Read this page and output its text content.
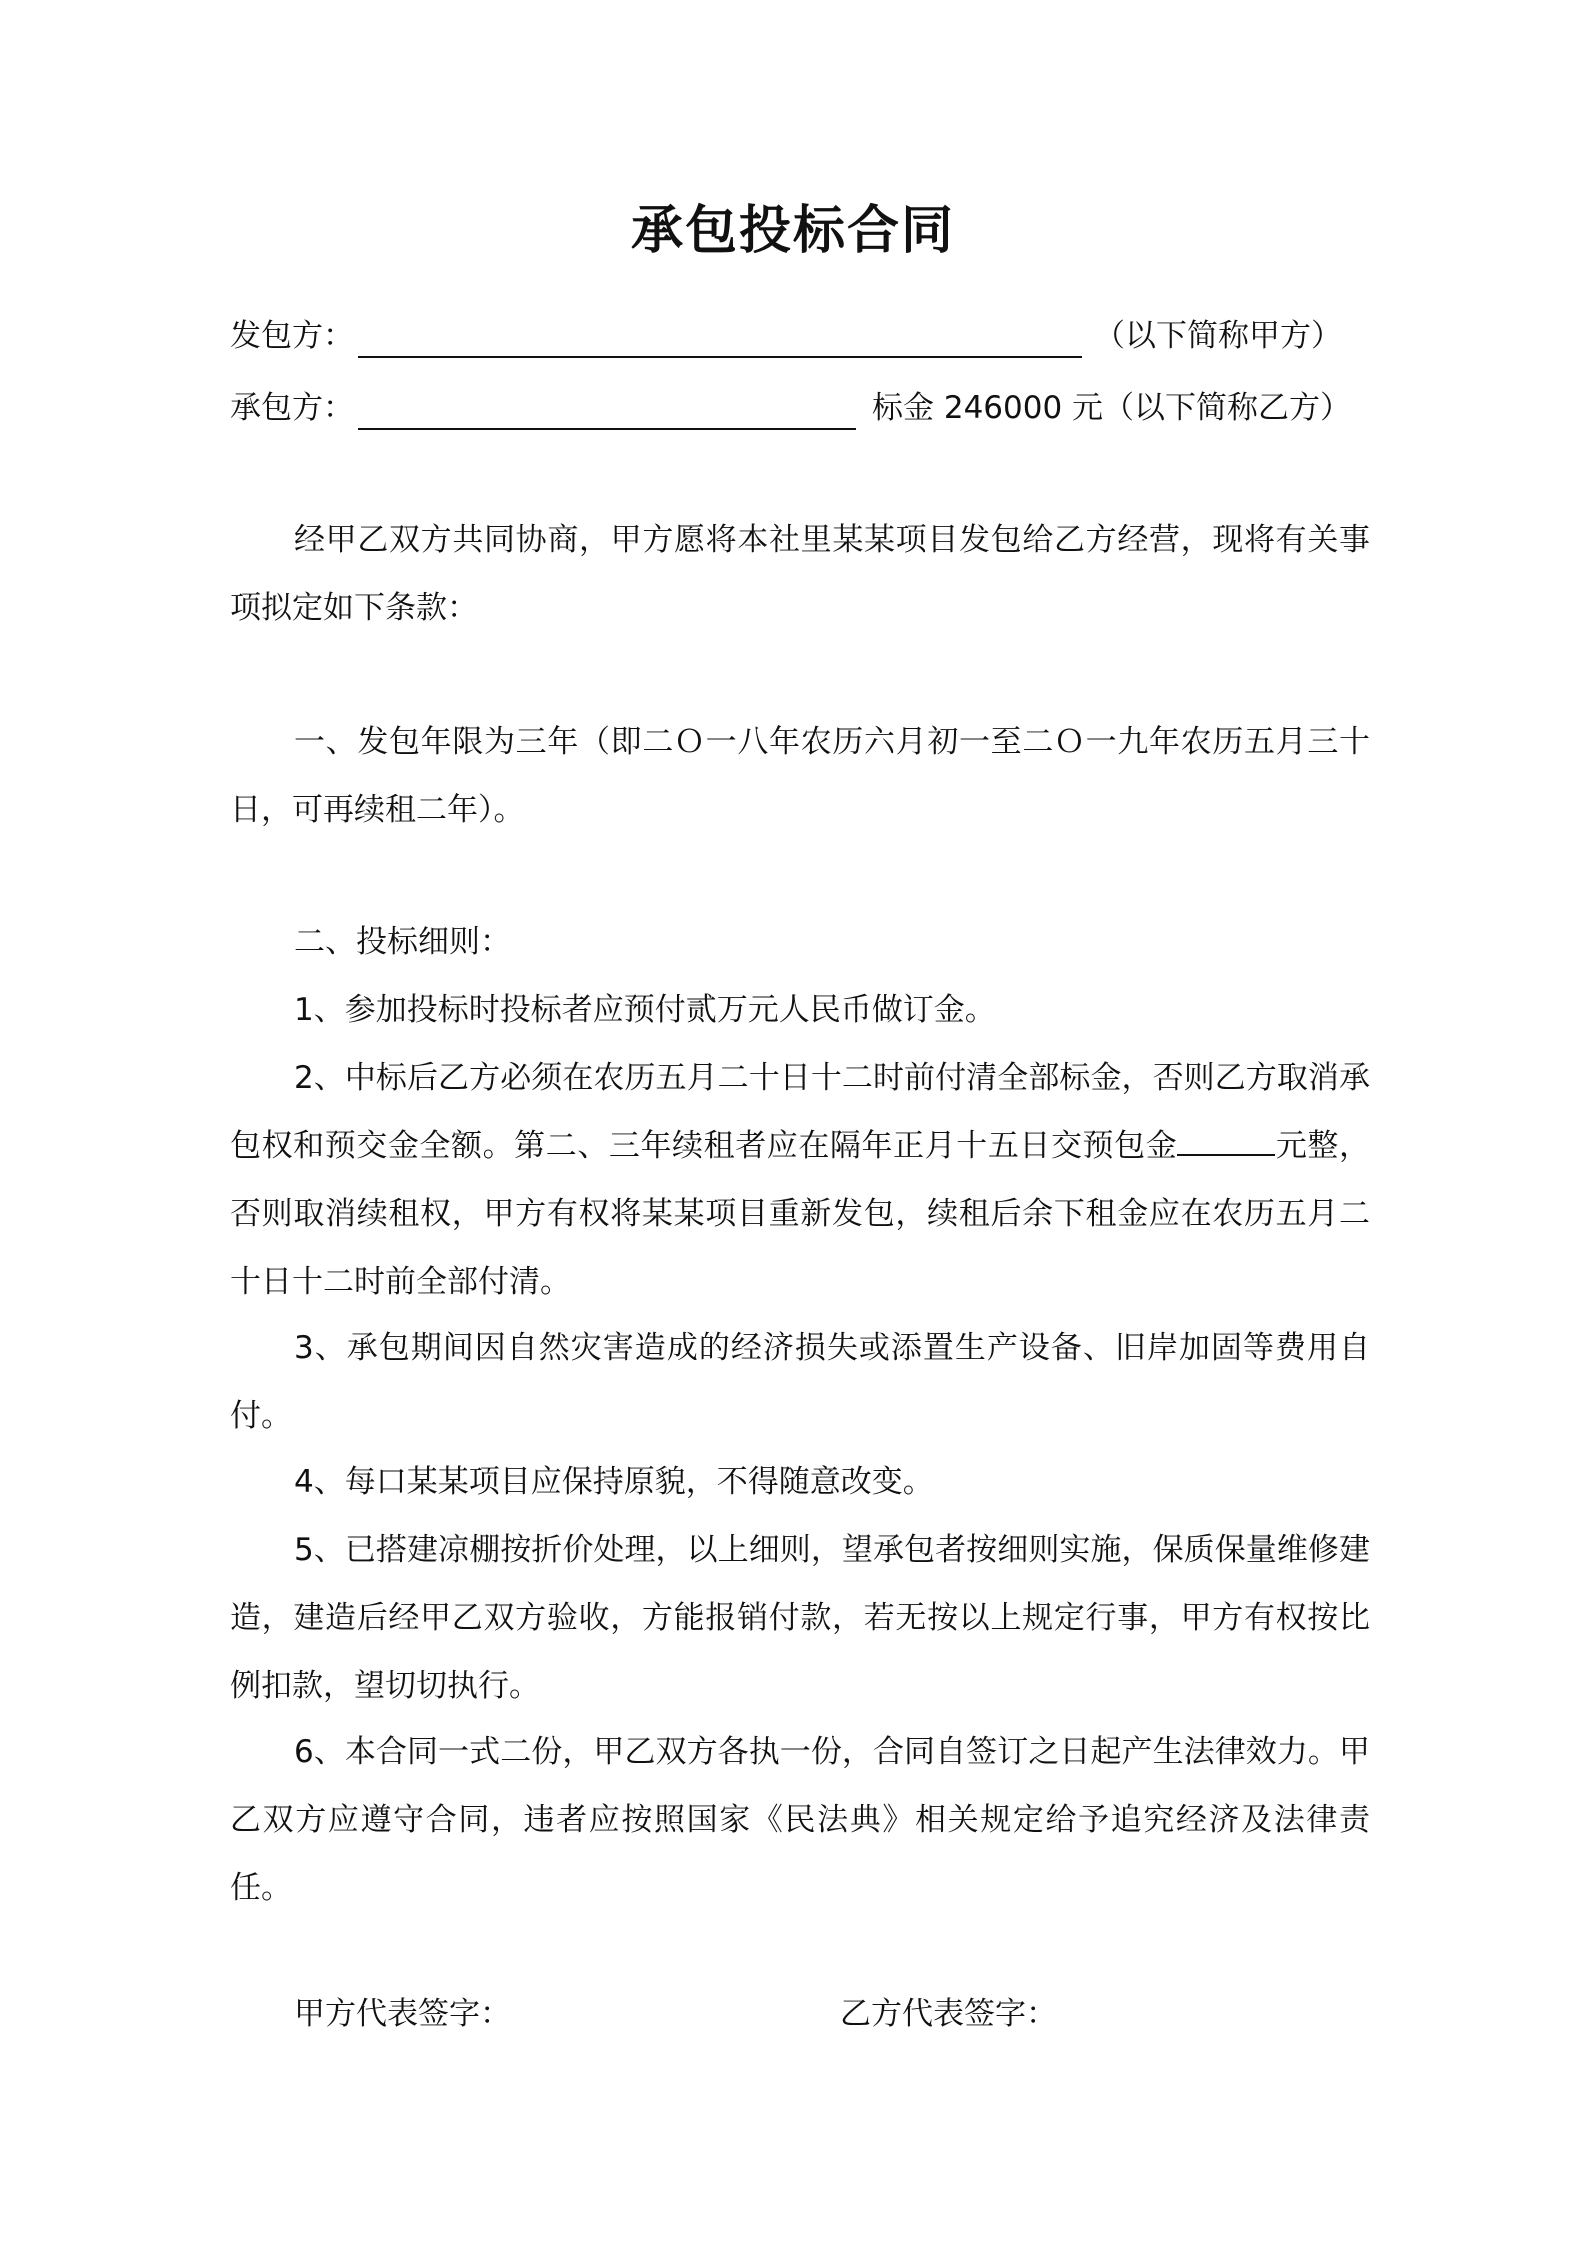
承包投标合同
发包方：	（以下简称甲方）
承包方：	标金 246000 元（以下简称乙方）
经甲乙双方共同协商，甲方愿将本社里某某项目发包给乙方经营，现将有关事项拟定如下条款：
一、发包年限为三年（即二Ｏ一八年农历六月初一至二Ｏ一九年农历五月三十日，可再续租二年）。
二、投标细则：
1、参加投标时投标者应预付贰万元人民币做订金。
2、中标后乙方必须在农历五月二十日十二时前付清全部标金，否则乙方取消承包权和预交金全额。第二、三年续租者应在隔年正月十五日交预包金	元整，否则取消续租权，甲方有权将某某项目重新发包，续租后余下租金应在农历五月二十日十二时前全部付清。
3、承包期间因自然灾害造成的经济损失或添置生产设备、旧岸加固等费用自付。
4、每口某某项目应保持原貌，不得随意改变。
5、已搭建凉棚按折价处理，以上细则，望承包者按细则实施，保质保量维修建造，建造后经甲乙双方验收，方能报销付款，若无按以上规定行事，甲方有权按比例扣款，望切切执行。
6、本合同一式二份，甲乙双方各执一份，合同自签订之日起产生法律效力。甲乙双方应遵守合同，违者应按照国家《民法典》相关规定给予追究经济及法律责任。
甲方代表签字：	乙方代表签字：
